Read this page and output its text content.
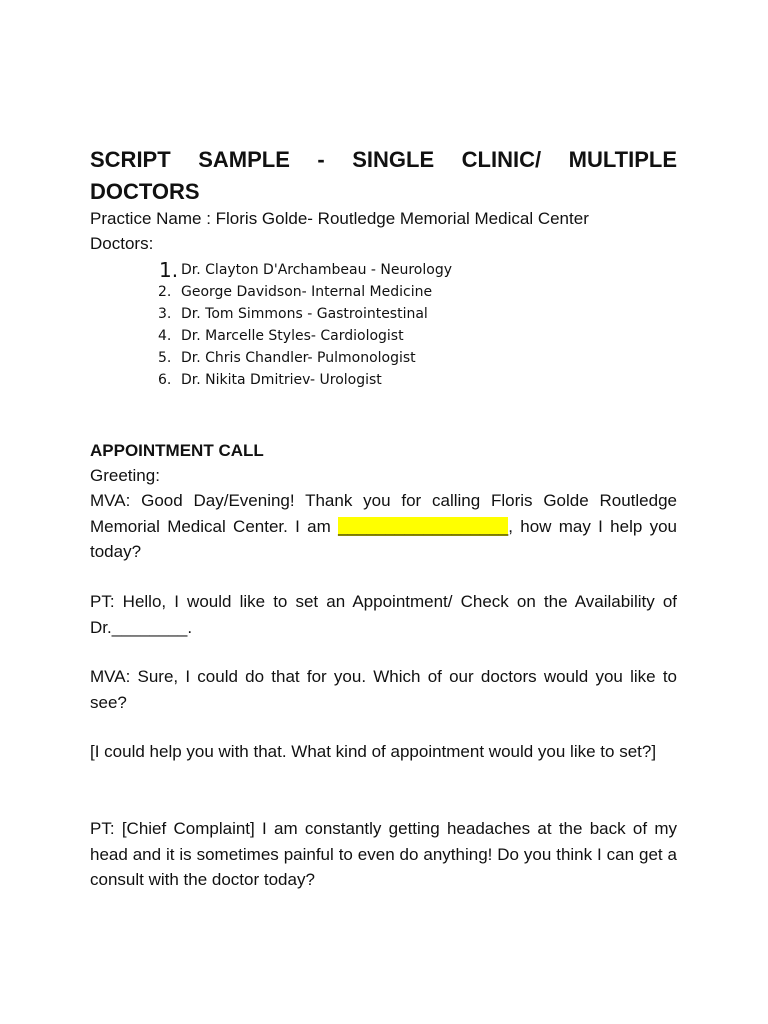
SCRIPT SAMPLE - SINGLE CLINIC/ MULTIPLE

DOCTORS

Practice Name : Floris Golde- Routledge Memorial Medical Center

Doctors:

1. Dr. Clayton D'Archambeau - Neurology
2. George Davidson- Internal Medicine
3. Dr. Tom Simmons - Gastrointestinal
4. Dr. Marcelle Styles- Cardiologist
5. Dr. Chris Chandler- Pulmonologist
6. Dr. Nikita Dmitriev- Urologist

APPOINTMENT CALL

Greeting:

MVA: Good Day/Evening! Thank you for calling Floris Golde Routledge Memorial Medical Center. I am __________________, how may I help you today?

PT: Hello, I would like to set an Appointment/ Check on the Availability of Dr.________.

MVA: Sure, I could do that for you. Which of our doctors would you like to see?

[I could help you with that. What kind of appointment would you like to set?]

PT: [Chief Complaint] I am constantly getting headaches at the back of my head and it is sometimes painful to even do anything! Do you think I can get a consult with the doctor today?
